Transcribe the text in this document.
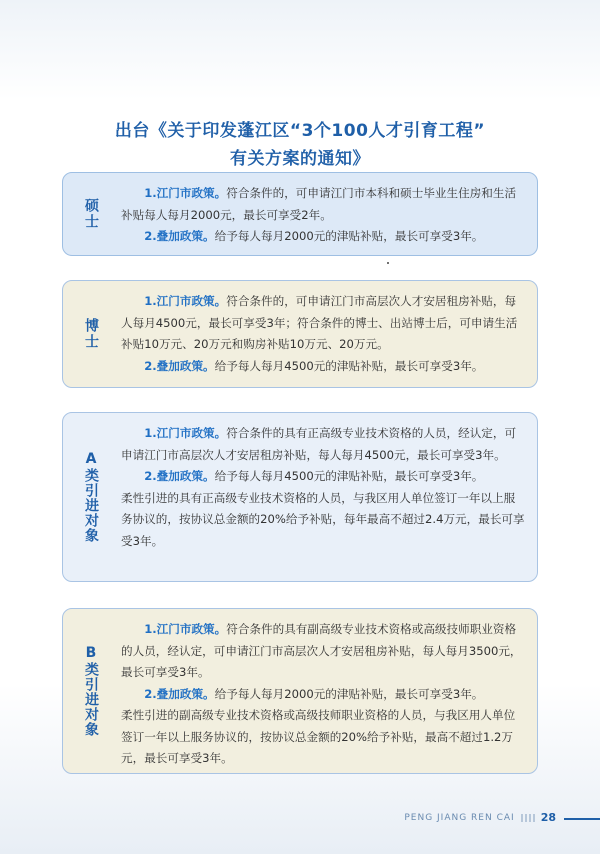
出台《关于印发蓬江区“3个100人才引育工程”
有关方案的通知》
硕士

1.江门市政策。符合条件的，可申请江门市本科和硕士毕业生住房和生活补贴每人每月2000元，最长可享受2年。

2.叠加政策。给予每人每月2000元的津贴补贴，最长可享受3年。

博士

1.江门市政策。符合条件的，可申请江门市高层次人才安居租房补贴，每人每月4500元，最长可享受3年；符合条件的博士、出站博士后，可申请生活补贴10万元、20万元和购房补贴10万元、20万元。

2.叠加政策。给予每人每月4500元的津贴补贴，最长可享受3年。

A类引进对象

1.江门市政策。符合条件的具有正高级专业技术资格的人员，经认定，可申请江门市高层次人才安居租房补贴，每人每月4500元，最长可享受3年。

2.叠加政策。给予每人每月4500元的津贴补贴，最长可享受3年。

柔性引进的具有正高级专业技术资格的人员，与我区用人单位签订一年以上服务协议的，按协议总金额的20%给予补贴，每年最高不超过2.4万元，最长可享受3年。

B类引进对象

1.江门市政策。符合条件的具有副高级专业技术资格或高级技师职业资格的人员，经认定，可申请江门市高层次人才安居租房补贴，每人每月3500元，最长可享受3年。

2.叠加政策。给予每人每月2000元的津贴补贴，最长可享受3年。

柔性引进的副高级专业技术资格或高级技师职业资格的人员，与我区用人单位签订一年以上服务协议的，按协议总金额的20%给予补贴，最高不超过1.2万元，最长可享受3年。

PENG JIANG REN CAI 28
